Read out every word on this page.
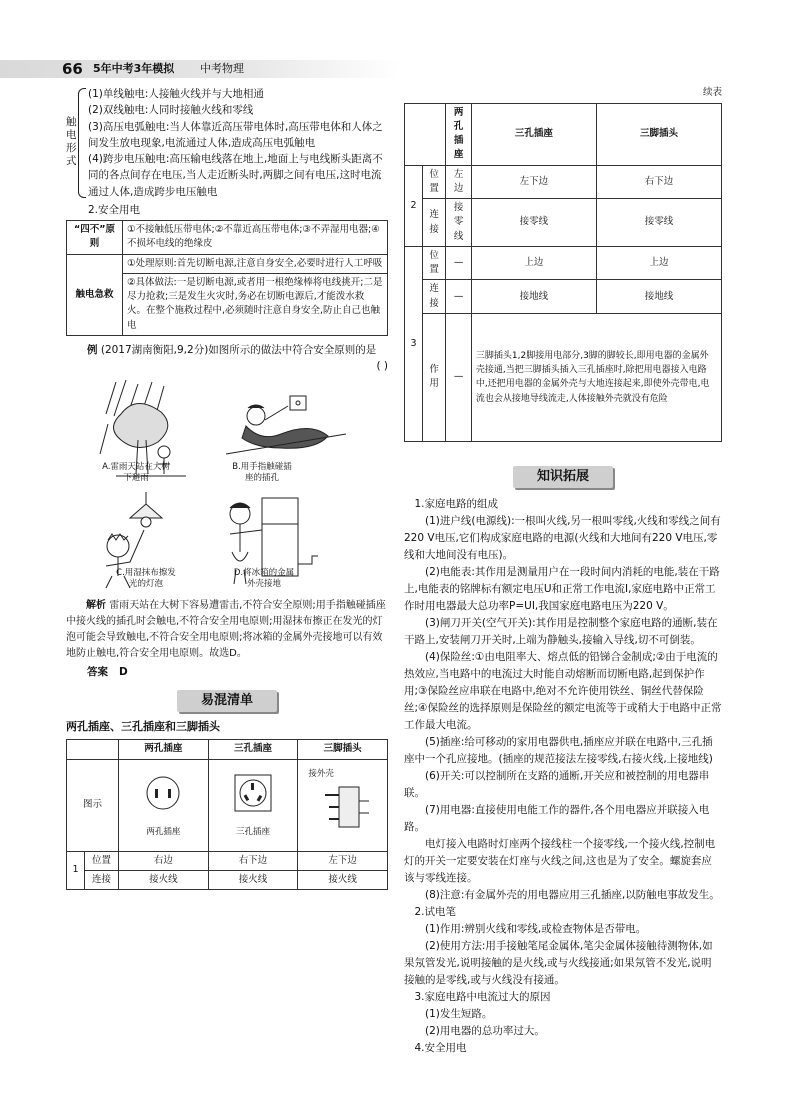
66 5年中考3年模拟 中考物理
触电形式

(1)单线触电:人接触火线并与大地相通

(2)双线触电:人同时接触火线和零线

(3)高压电弧触电:当人体靠近高压带电体时,高压带电体和人体之间发生放电现象,电流通过人体,造成高压电弧触电

(4)跨步电压触电:高压输电线落在地上,地面上与电线断头距离不同的各点间存在电压,当人走近断头时,两脚之间有电压,这时电流通过人体,造成跨步电压触电

2.安全用电
“四不”原则	①不接触低压带电体;②不靠近高压带电体;③不弄湿用电器;④不损坏电线的绝缘皮
触电急救	①处理原则:首先切断电源,注意自身安全,必要时进行人工呼吸
	②具体做法:一是切断电源,或者用一根绝缘棒将电线挑开;二是尽力抢救;三是发生火灾时,务必在切断电源后,才能泼水救火。在整个施救过程中,必须随时注意自身安全,防止自己也触电

例 (2017湖南衡阳,9,2分)如图所示的做法中符合安全原则的是
( )

A.雷雨天站在大树下避雨
B.用手指触碰插座的插孔
C.用湿抹布擦发光的灯泡
D.将冰箱的金属外壳接地

解析 雷雨天站在大树下容易遭雷击,不符合安全原则;用手指触碰插座中接火线的插孔时会触电,不符合安全用电原则;用湿抹布擦正在发光的灯泡可能会导致触电,不符合安全用电原则;将冰箱的金属外壳接地可以有效地防止触电,符合安全用电原则。故选D。

答案 D
易混清单
两孔插座、三孔插座和三脚插头
		两孔插座	三孔插座	三脚插头
图示		两孔插座	三孔插座	接外壳

1	位置	右边	右下边	左下边
	连接	接火线	接火线	接火线
续表
		两孔插座	三孔插座	三脚插头
2	位置	左边	左下边	右下边
	连接	接零线	接零线	接零线
3	位置	—	上边	上边
	连接	—	接地线	接地线
	作用	—	三脚插头1,2脚接用电部分,3脚的脚较长,即用电器的金属外壳接通,当把三脚插头插入三孔插座时,除把用电器接入电路中,还把用电器的金属外壳与大地连接起来,即使外壳带电,电流也会从接地导线流走,人体接触外壳就没有危险	
知识拓展

1.家庭电路的组成

(1)进户线(电源线):一根叫火线,另一根叫零线,火线和零线之间有220 V电压,它们构成家庭电路的电源(火线和大地间有220 V电压,零线和大地间没有电压)。

(2)电能表:其作用是测量用户在一段时间内消耗的电能,装在干路上,电能表的铭牌标有额定电压U和正常工作电流I,家庭电路中正常工作时用电器最大总功率P=UI,我国家庭电路电压为220 V。

(3)闸刀开关(空气开关):其作用是控制整个家庭电路的通断,装在干路上,安装闸刀开关时,上端为静触头,接输入导线,切不可倒装。

(4)保险丝:①由电阻率大、熔点低的铅锑合金制成;②由于电流的热效应,当电路中的电流过大时能自动熔断而切断电路,起到保护作用;③保险丝应串联在电路中,绝对不允许使用铁丝、铜丝代替保险丝;④保险丝的选择原则是保险丝的额定电流等于或稍大于电路中正常工作最大电流。

(5)插座:给可移动的家用电器供电,插座应并联在电路中,三孔插座中一个孔应接地。(插座的规范接法左接零线,右接火线,上接地线)

(6)开关:可以控制所在支路的通断,开关应和被控制的用电器串联。

(7)用电器:直接使用电能工作的器件,各个用电器应并联接入电路。

电灯接入电路时灯座两个接线柱一个接零线,一个接火线,控制电灯的开关一定要安装在灯座与火线之间,这也是为了安全。螺旋套应该与零线连接。

(8)注意:有金属外壳的用电器应用三孔插座,以防触电事故发生。

2.试电笔

(1)作用:辨别火线和零线,或检查物体是否带电。

(2)使用方法:用手接触笔尾金属体,笔尖金属体接触待测物体,如果氖管发光,说明接触的是火线,或与火线接通;如果氖管不发光,说明接触的是零线,或与火线没有接通。

3.家庭电路中电流过大的原因

(1)发生短路。

(2)用电器的总功率过大。

4.安全用电
